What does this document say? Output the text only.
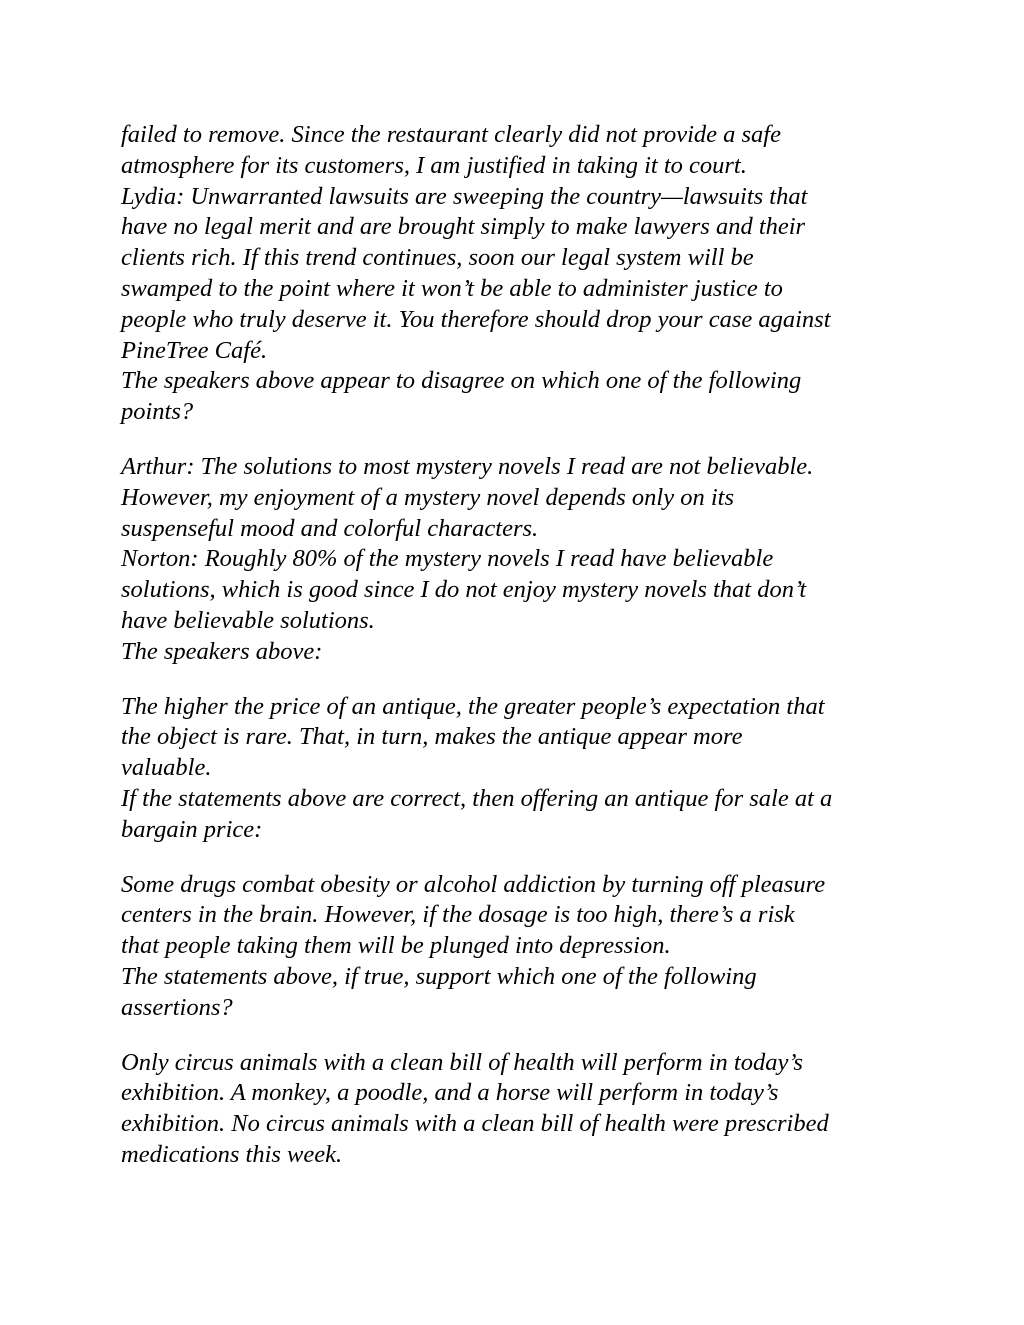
failed to remove. Since the restaurant clearly did not provide a safe
atmosphere for its customers, I am justified in taking it to court.
Lydia: Unwarranted lawsuits are sweeping the country—lawsuits that
have no legal merit and are brought simply to make lawyers and their
clients rich. If this trend continues, soon our legal system will be
swamped to the point where it won’t be able to administer justice to
people who truly deserve it. You therefore should drop your case against
PineTree Café.
The speakers above appear to disagree on which one of the following
points?
Arthur: The solutions to most mystery novels I read are not believable.
However, my enjoyment of a mystery novel depends only on its
suspenseful mood and colorful characters.
Norton: Roughly 80% of the mystery novels I read have believable
solutions, which is good since I do not enjoy mystery novels that don’t
have believable solutions.
The speakers above:
The higher the price of an antique, the greater people’s expectation that
the object is rare. That, in turn, makes the antique appear more
valuable.
If the statements above are correct, then offering an antique for sale at a
bargain price:
Some drugs combat obesity or alcohol addiction by turning off pleasure
centers in the brain. However, if the dosage is too high, there’s a risk
that people taking them will be plunged into depression.
The statements above, if true, support which one of the following
assertions?
Only circus animals with a clean bill of health will perform in today’s
exhibition. A monkey, a poodle, and a horse will perform in today’s
exhibition. No circus animals with a clean bill of health were prescribed
medications this week.
